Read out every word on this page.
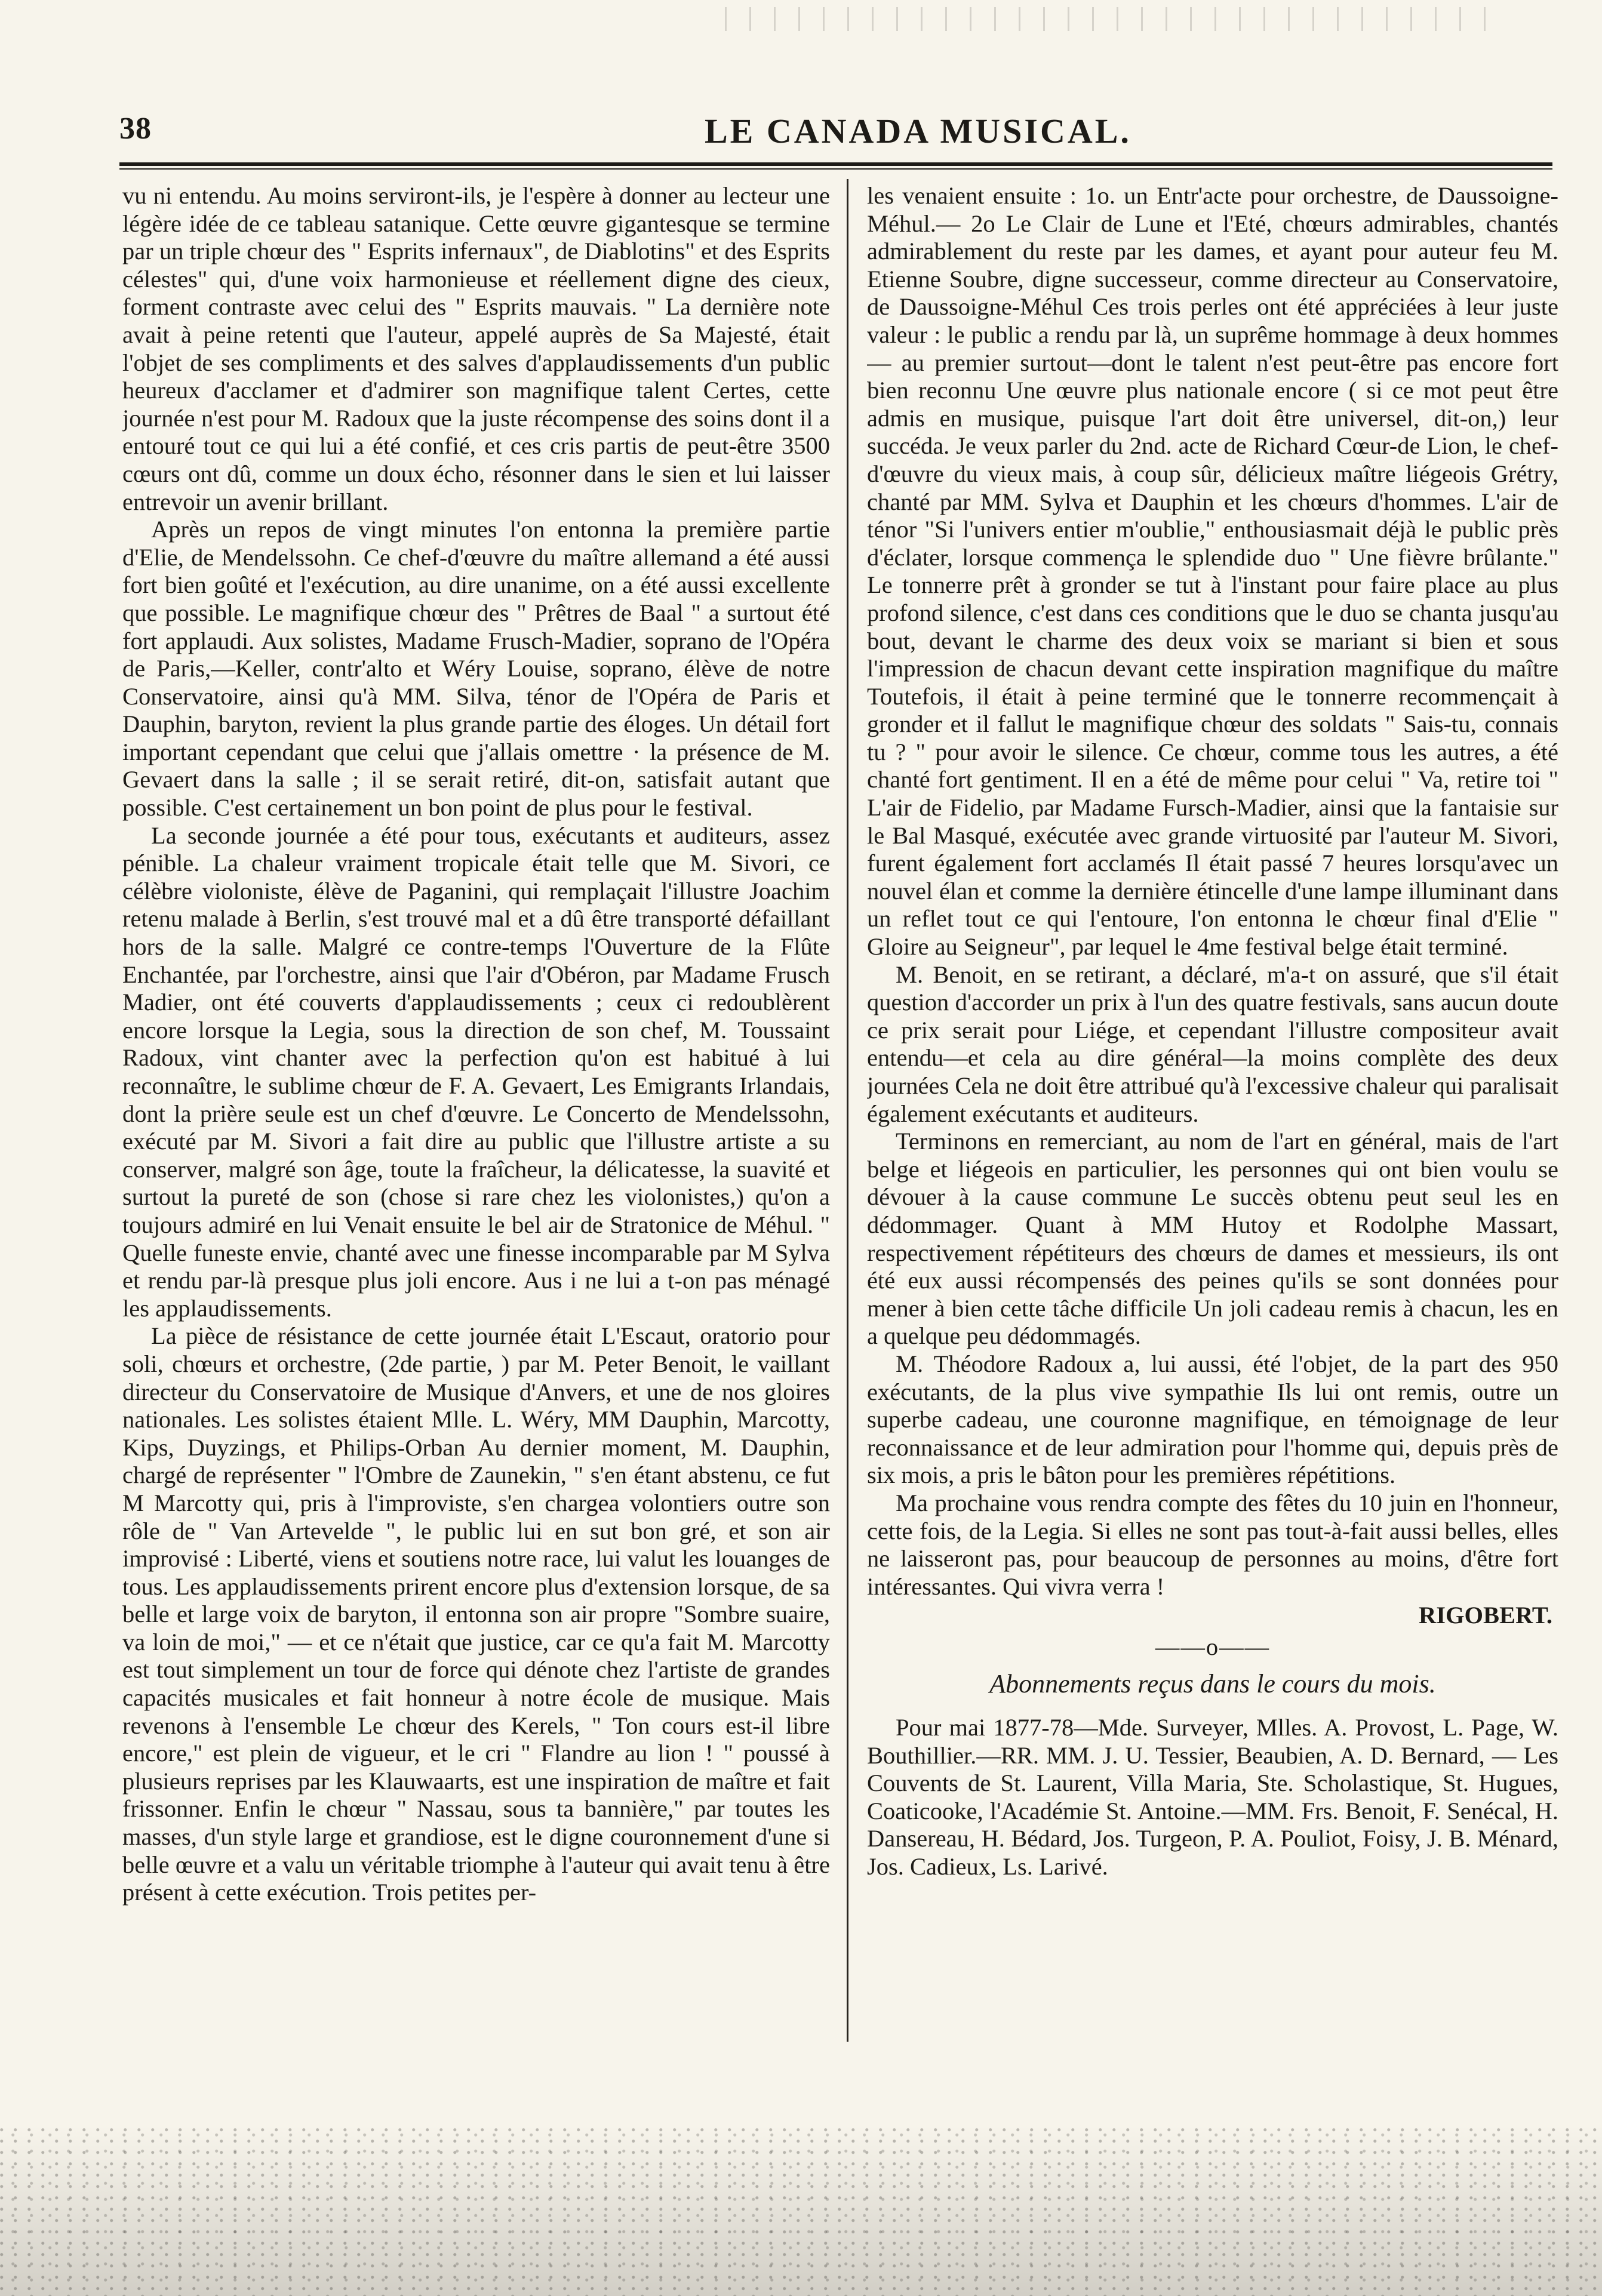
38	LE CANADA MUSICAL.

vu ni entendu. Au moins serviront-ils, je l'espère à donner au lecteur une légère idée de ce tableau satanique. Cette œuvre gigantesque se termine par un triple chœur des " Esprits infernaux", de Diablotins" et des Esprits célestes" qui, d'une voix harmonieuse et réellement digne des cieux, forment contraste avec celui des " Esprits mauvais. " La dernière note avait à peine retenti que l'auteur, appelé auprès de Sa Majesté, était l'objet de ses compliments et des salves d'applaudissements d'un public heureux d'acclamer et d'admirer son magnifique talent Certes, cette journée n'est pour M. Radoux que la juste récompense des soins dont il a entouré tout ce qui lui a été confié, et ces cris partis de peut-être 3500 cœurs ont dû, comme un doux écho, résonner dans le sien et lui laisser entrevoir un avenir brillant.

Après un repos de vingt minutes l'on entonna la première partie d'Elie, de Mendelssohn. Ce chef-d'œuvre du maître allemand a été aussi fort bien goûté et l'exécution, au dire unanime, on a été aussi excellente que possible. Le magnifique chœur des " Prêtres de Baal " a surtout été fort applaudi. Aux solistes, Madame Frusch-Madier, soprano de l'Opéra de Paris,—Keller, contr'alto et Wéry Louise, soprano, élève de notre Conservatoire, ainsi qu'à MM. Silva, ténor de l'Opéra de Paris et Dauphin, baryton, revient la plus grande partie des éloges. Un détail fort important cependant que celui que j'allais omettre · la présence de M. Gevaert dans la salle ; il se serait retiré, dit-on, satisfait autant que possible. C'est certainement un bon point de plus pour le festival.

La seconde journée a été pour tous, exécutants et auditeurs, assez pénible. La chaleur vraiment tropicale était telle que M. Sivori, ce célèbre violoniste, élève de Paganini, qui remplaçait l'illustre Joachim retenu malade à Berlin, s'est trouvé mal et a dû être transporté défaillant hors de la salle. Malgré ce contre-temps l'Ouverture de la Flûte Enchantée, par l'orchestre, ainsi que l'air d'Obéron, par Madame Frusch Madier, ont été couverts d'applaudissements ; ceux ci redoublèrent encore lorsque la Legia, sous la direction de son chef, M. Toussaint Radoux, vint chanter avec la perfection qu'on est habitué à lui reconnaître, le sublime chœur de F. A. Gevaert, Les Emigrants Irlandais, dont la prière seule est un chef d'œuvre. Le Concerto de Mendelssohn, exécuté par M. Sivori a fait dire au public que l'illustre artiste a su conserver, malgré son âge, toute la fraîcheur, la délicatesse, la suavité et surtout la pureté de son (chose si rare chez les violonistes,) qu'on a toujours admiré en lui Venait ensuite le bel air de Stratonice de Méhul. " Quelle funeste envie, chanté avec une finesse incomparable par M Sylva et rendu par-là presque plus joli encore. Aus i ne lui a t-on pas ménagé les applaudissements.

La pièce de résistance de cette journée était L'Escaut, oratorio pour soli, chœurs et orchestre, (2de partie, ) par M. Peter Benoit, le vaillant directeur du Conservatoire de Musique d'Anvers, et une de nos gloires nationales. Les solistes étaient Mlle. L. Wéry, MM Dauphin, Marcotty, Kips, Duyzings, et Philips-Orban Au dernier moment, M. Dauphin, chargé de représenter " l'Ombre de Zaunekin, " s'en étant abstenu, ce fut M Marcotty qui, pris à l'improviste, s'en chargea volontiers outre son rôle de " Van Artevelde ", le public lui en sut bon gré, et son air improvisé : Liberté, viens et soutiens notre race, lui valut les louanges de tous. Les applaudissements prirent encore plus d'extension lorsque, de sa belle et large voix de baryton, il entonna son air propre "Sombre suaire, va loin de moi," — et ce n'était que justice, car ce qu'a fait M. Marcotty est tout simplement un tour de force qui dénote chez l'artiste de grandes capacités musicales et fait honneur à notre école de musique. Mais revenons à l'ensemble Le chœur des Kerels, " Ton cours est-il libre encore," est plein de vigueur, et le cri " Flandre au lion ! " poussé à plusieurs reprises par les Klauwaarts, est une inspiration de maître et fait frissonner. Enfin le chœur " Nassau, sous ta bannière," par toutes les masses, d'un style large et grandiose, est le digne couronnement d'une si belle œuvre et a valu un véritable triomphe à l'auteur qui avait tenu à être présent à cette exécution. Trois petites per-

les venaient ensuite : 1o. un Entr'acte pour orchestre, de Daussoigne-Méhul.— 2o Le Clair de Lune et l'Eté, chœurs admirables, chantés admirablement du reste par les dames, et ayant pour auteur feu M. Etienne Soubre, digne successeur, comme directeur au Conservatoire, de Daussoigne-Méhul Ces trois perles ont été appréciées à leur juste valeur : le public a rendu par là, un suprême hommage à deux hommes — au premier surtout—dont le talent n'est peut-être pas encore fort bien reconnu Une œuvre plus nationale encore ( si ce mot peut être admis en musique, puisque l'art doit être universel, dit-on,) leur succéda. Je veux parler du 2nd. acte de Richard Cœur-de Lion, le chef-d'œuvre du vieux mais, à coup sûr, délicieux maître liégeois Grétry, chanté par MM. Sylva et Dauphin et les chœurs d'hommes. L'air de ténor "Si l'univers entier m'oublie," enthousiasmait déjà le public près d'éclater, lorsque commença le splendide duo " Une fièvre brûlante." Le tonnerre prêt à gronder se tut à l'instant pour faire place au plus profond silence, c'est dans ces conditions que le duo se chanta jusqu'au bout, devant le charme des deux voix se mariant si bien et sous l'impression de chacun devant cette inspiration magnifique du maître Toutefois, il était à peine terminé que le tonnerre recommençait à gronder et il fallut le magnifique chœur des soldats " Sais-tu, connais tu ? " pour avoir le silence. Ce chœur, comme tous les autres, a été chanté fort gentiment. Il en a été de même pour celui " Va, retire toi " L'air de Fidelio, par Madame Fursch-Madier, ainsi que la fantaisie sur le Bal Masqué, exécutée avec grande virtuosité par l'auteur M. Sivori, furent également fort acclamés Il était passé 7 heures lorsqu'avec un nouvel élan et comme la dernière étincelle d'une lampe illuminant dans un reflet tout ce qui l'entoure, l'on entonna le chœur final d'Elie " Gloire au Seigneur", par lequel le 4me festival belge était terminé.

M. Benoit, en se retirant, a déclaré, m'a-t on assuré, que s'il était question d'accorder un prix à l'un des quatre festivals, sans aucun doute ce prix serait pour Liége, et cependant l'illustre compositeur avait entendu—et cela au dire général—la moins complète des deux journées Cela ne doit être attribué qu'à l'excessive chaleur qui paralisait également exécutants et auditeurs.

Terminons en remerciant, au nom de l'art en général, mais de l'art belge et liégeois en particulier, les personnes qui ont bien voulu se dévouer à la cause commune Le succès obtenu peut seul les en dédommager. Quant à MM Hutoy et Rodolphe Massart, respectivement répétiteurs des chœurs de dames et messieurs, ils ont été eux aussi récompensés des peines qu'ils se sont données pour mener à bien cette tâche difficile Un joli cadeau remis à chacun, les en a quelque peu dédommagés.

M. Théodore Radoux a, lui aussi, été l'objet, de la part des 950 exécutants, de la plus vive sympathie Ils lui ont remis, outre un superbe cadeau, une couronne magnifique, en témoignage de leur reconnaissance et de leur admiration pour l'homme qui, depuis près de six mois, a pris le bâton pour les premières répétitions.

Ma prochaine vous rendra compte des fêtes du 10 juin en l'honneur, cette fois, de la Legia. Si elles ne sont pas tout-à-fait aussi belles, elles ne laisseront pas, pour beaucoup de personnes au moins, d'être fort intéressantes. Qui vivra verra !

RIGOBERT.

——o——

Abonnements reçus dans le cours du mois.

Pour mai 1877-78—Mde. Surveyer, Mlles. A. Provost, L. Page, W. Bouthillier.—RR. MM. J. U. Tessier, Beaubien, A. D. Bernard, — Les Couvents de St. Laurent, Villa Maria, Ste. Scholastique, St. Hugues, Coaticooke, l'Académie St. Antoine.—MM. Frs. Benoit, F. Senécal, H. Dansereau, H. Bédard, Jos. Turgeon, P. A. Pouliot, Foisy, J. B. Ménard, Jos. Cadieux, Ls. Larivé.
